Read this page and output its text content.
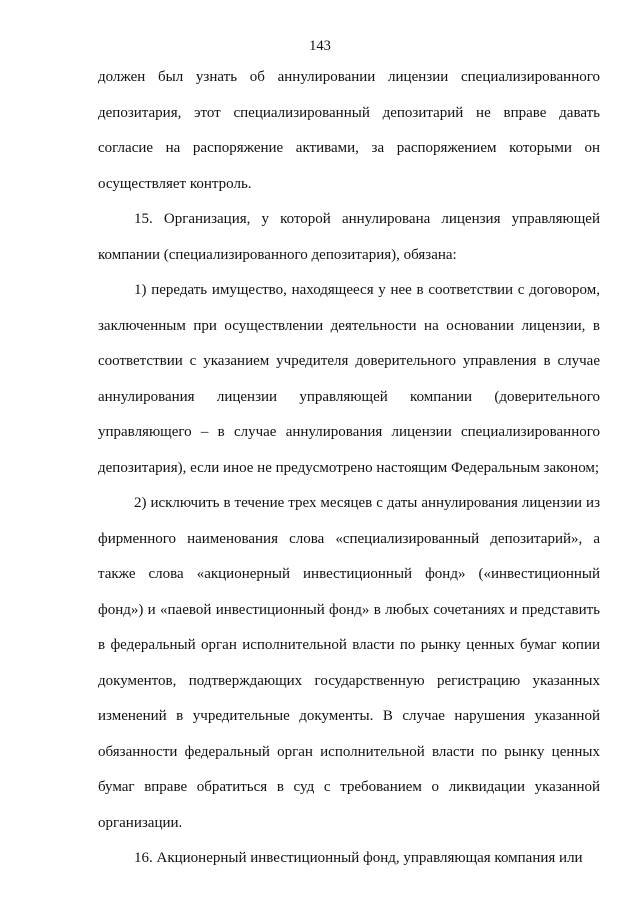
143

должен был узнать об аннулировании лицензии специализированного депозитария, этот специализированный депозитарий не вправе давать согласие на распоряжение активами, за распоряжением которыми он осуществляет контроль.

15. Организация, у которой аннулирована лицензия управляющей компании (специализированного депозитария), обязана:

1) передать имущество, находящееся у нее в соответствии с договором, заключенным при осуществлении деятельности на основании лицензии, в соответствии с указанием учредителя доверительного управления в случае аннулирования лицензии управляющей компании (доверительного управляющего – в случае аннулирования лицензии специализированного депозитария), если иное не предусмотрено настоящим Федеральным законом;

2) исключить в течение трех месяцев с даты аннулирования лицензии из фирменного наименования слова «специализированный депозитарий», а также слова «акционерный инвестиционный фонд» («инвестиционный фонд») и «паевой инвестиционный фонд» в любых сочетаниях и представить в федеральный орган исполнительной власти по рынку ценных бумаг копии документов, подтверждающих государственную регистрацию указанных изменений в учредительные документы. В случае нарушения указанной обязанности федеральный орган исполнительной власти по рынку ценных бумаг вправе обратиться в суд с требованием о ликвидации указанной организации.

16. Акционерный инвестиционный фонд, управляющая компания или
